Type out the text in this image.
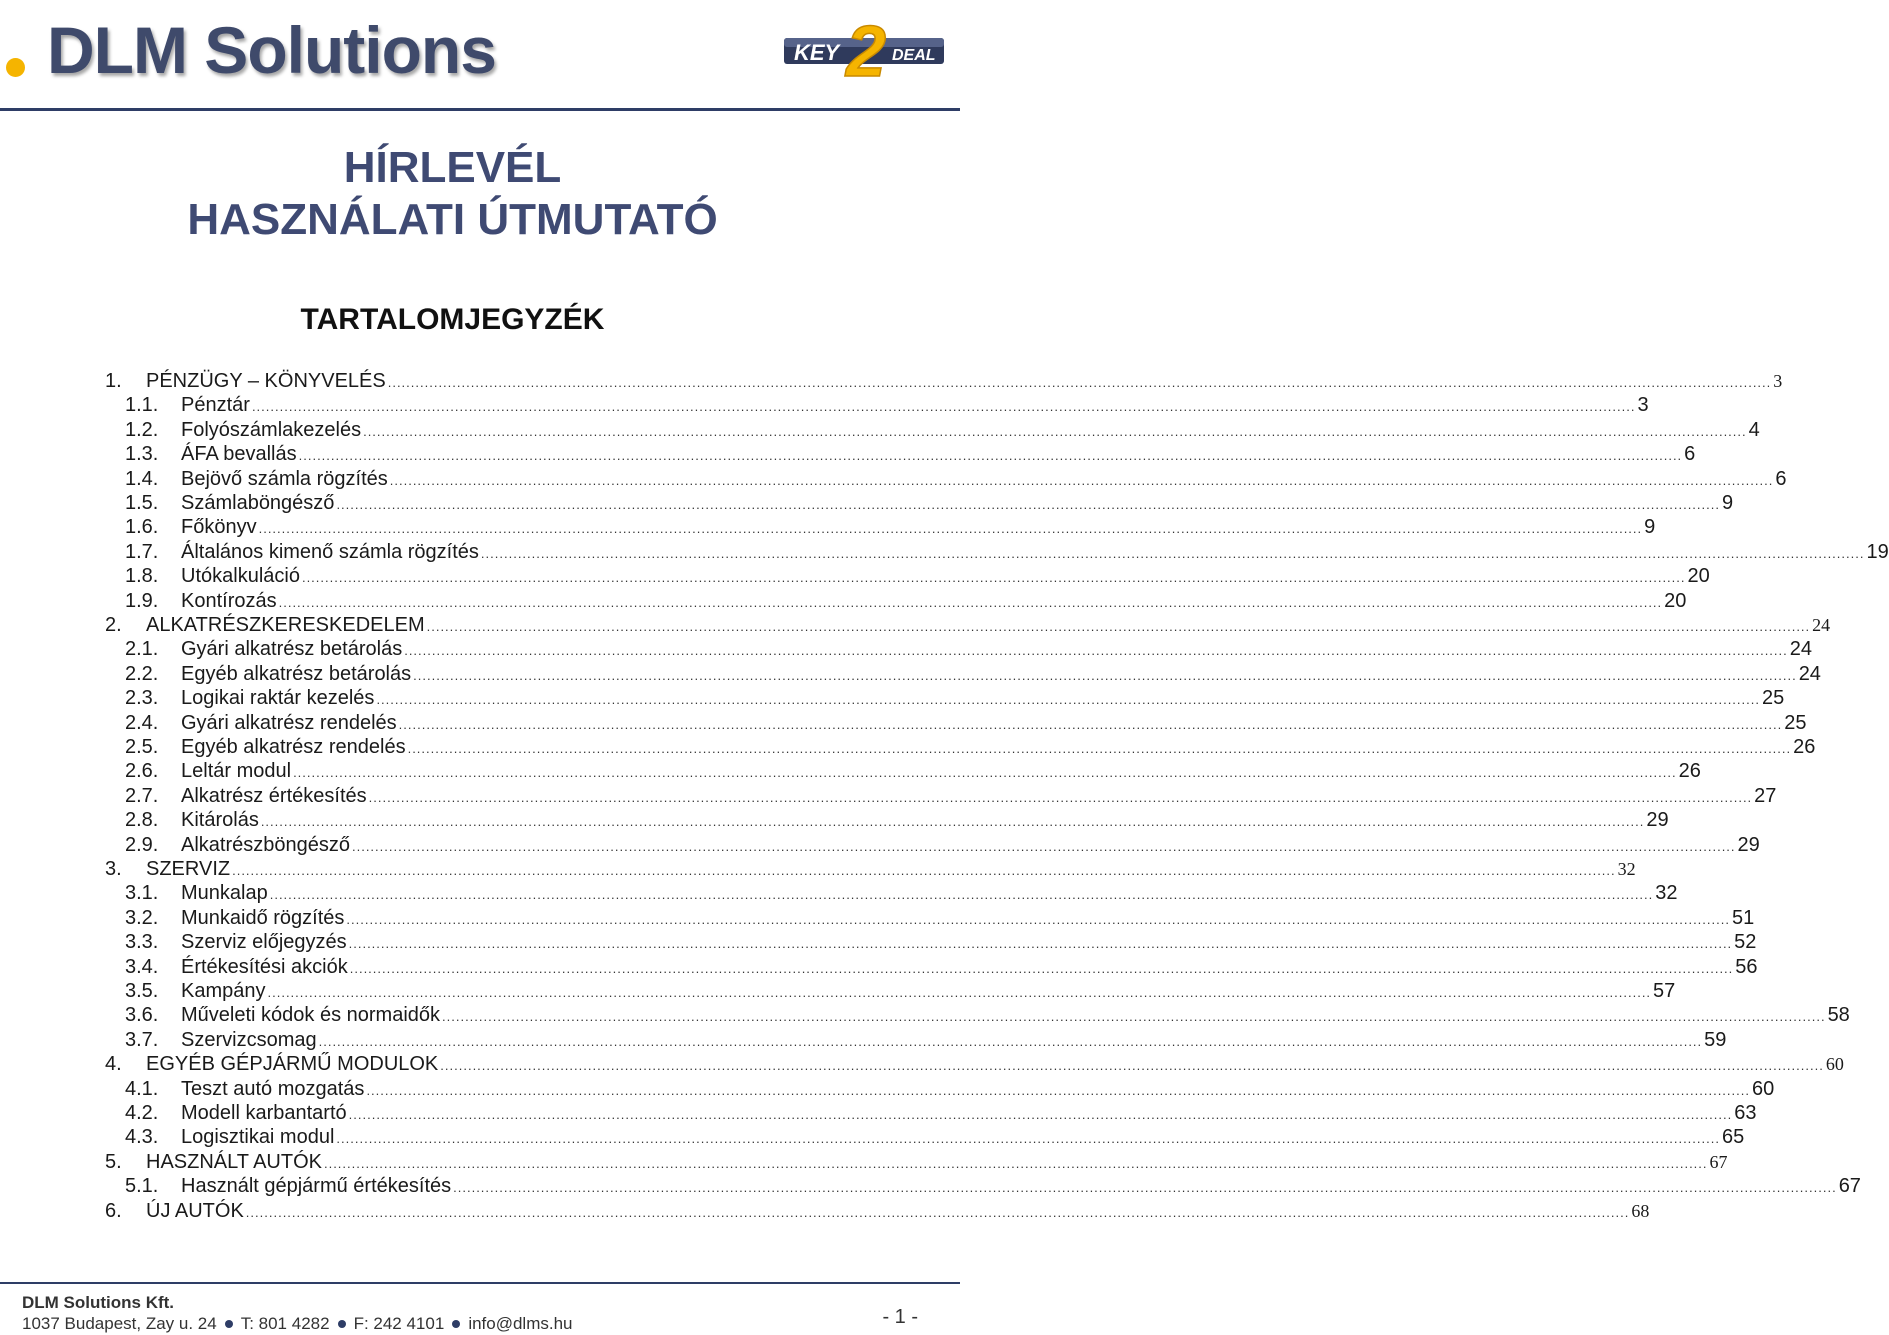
DLM Solutions	KEY 2 DEAL
HÍRLEVÉL
HASZNÁLATI ÚTMUTATÓ
TARTALOMJEGYZÉK
1.	PÉNZÜGY – KÖNYVELÉS ............................................................................................................................................................................................................................................................................................................ 3
1.1.	Pénztár ............................................................................................................................................................................................................................................................................................................ 3
1.2.	Folyószámlakezelés ............................................................................................................................................................................................................................................................................................................ 4
1.3.	ÁFA bevallás ............................................................................................................................................................................................................................................................................................................ 6
1.4.	Bejövő számla rögzítés ............................................................................................................................................................................................................................................................................................................ 6
1.5.	Számlaböngésző ............................................................................................................................................................................................................................................................................................................ 9
1.6.	Főkönyv ............................................................................................................................................................................................................................................................................................................ 9
1.7.	Általános kimenő számla rögzítés ............................................................................................................................................................................................................................................................................................................ 19
1.8.	Utókalkuláció ............................................................................................................................................................................................................................................................................................................ 20
1.9.	Kontírozás ............................................................................................................................................................................................................................................................................................................ 20
2.	ALKATRÉSZKERESKEDELEM ............................................................................................................................................................................................................................................................................................................ 24
2.1.	Gyári alkatrész betárolás ............................................................................................................................................................................................................................................................................................................ 24
2.2.	Egyéb alkatrész betárolás ............................................................................................................................................................................................................................................................................................................ 24
2.3.	Logikai raktár kezelés ............................................................................................................................................................................................................................................................................................................ 25
2.4.	Gyári alkatrész rendelés ............................................................................................................................................................................................................................................................................................................ 25
2.5.	Egyéb alkatrész rendelés ............................................................................................................................................................................................................................................................................................................ 26
2.6.	Leltár modul ............................................................................................................................................................................................................................................................................................................ 26
2.7.	Alkatrész értékesítés ............................................................................................................................................................................................................................................................................................................ 27
2.8.	Kitárolás ............................................................................................................................................................................................................................................................................................................ 29
2.9.	Alkatrészböngésző ............................................................................................................................................................................................................................................................................................................ 29
3.	SZERVIZ ............................................................................................................................................................................................................................................................................................................ 32
3.1.	Munkalap ............................................................................................................................................................................................................................................................................................................ 32
3.2.	Munkaidő rögzítés ............................................................................................................................................................................................................................................................................................................ 51
3.3.	Szerviz előjegyzés ............................................................................................................................................................................................................................................................................................................ 52
3.4.	Értékesítési akciók ............................................................................................................................................................................................................................................................................................................ 56
3.5.	Kampány ............................................................................................................................................................................................................................................................................................................ 57
3.6.	Műveleti kódok és normaidők ............................................................................................................................................................................................................................................................................................................ 58
3.7.	Szervizcsomag ............................................................................................................................................................................................................................................................................................................ 59
4.	EGYÉB GÉPJÁRMŰ MODULOK ............................................................................................................................................................................................................................................................................................................ 60
4.1.	Teszt autó mozgatás ............................................................................................................................................................................................................................................................................................................ 60
4.2.	Modell karbantartó ............................................................................................................................................................................................................................................................................................................ 63
4.3.	Logisztikai modul ............................................................................................................................................................................................................................................................................................................ 65
5.	HASZNÁLT AUTÓK ............................................................................................................................................................................................................................................................................................................ 67
5.1.	Használt gépjármű értékesítés ............................................................................................................................................................................................................................................................................................................ 67
6.	ÚJ AUTÓK ............................................................................................................................................................................................................................................................................................................ 68
DLM Solutions Kft.
1037 Budapest, Zay u. 24 T: 801 4282 F: 242 4101 info@dlms.hu	- 1 -
